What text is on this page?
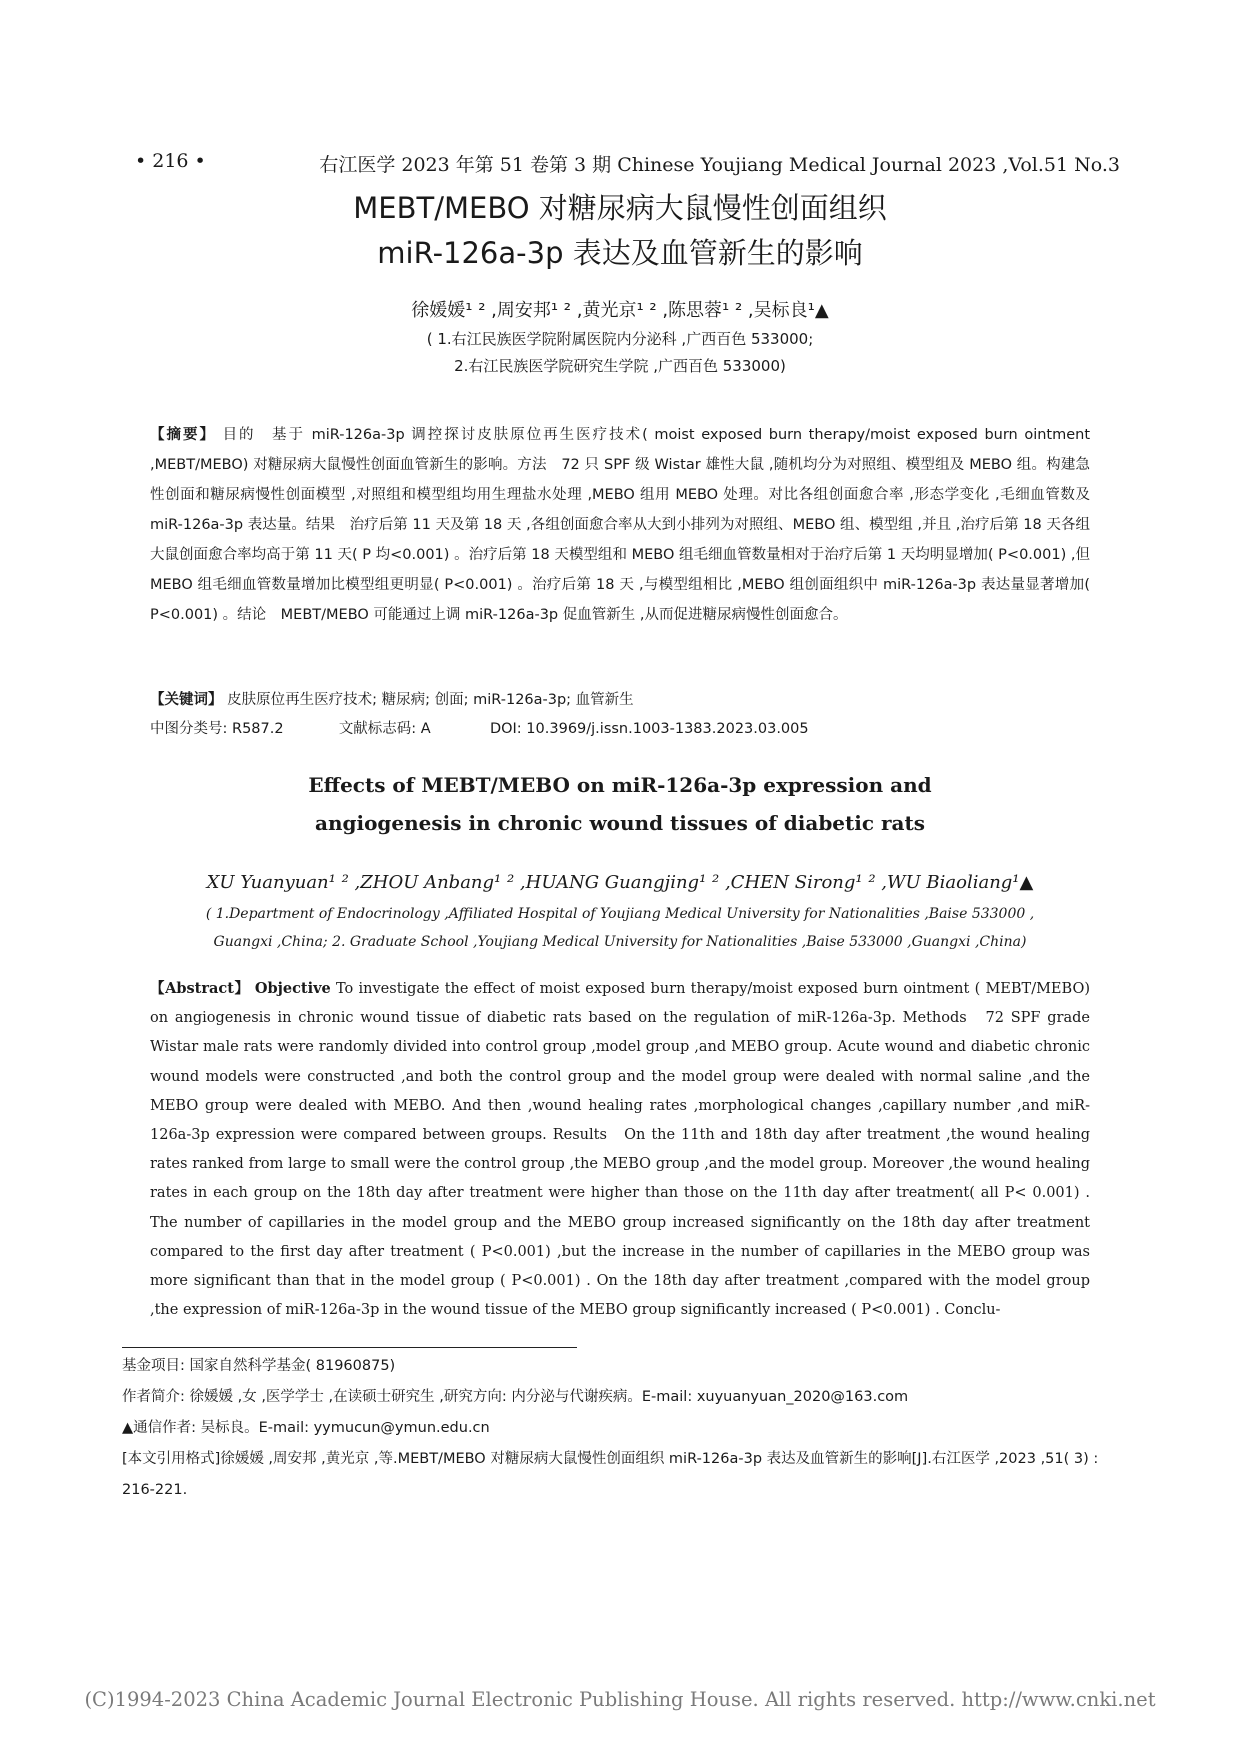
• 216 •	右江医学 2023 年第 51 卷第 3 期 Chinese Youjiang Medical Journal 2023 ,Vol.51 No.3
MEBT/MEBO 对糖尿病大鼠慢性创面组织
miR-126a-3p 表达及血管新生的影响
徐媛媛¹ ² ,周安邦¹ ² ,黄光京¹ ² ,陈思蓉¹ ² ,吴标良¹▲
( 1.右江民族医学院附属医院内分泌科 ,广西百色 533000;
2.右江民族医学院研究生学院 ,广西百色 533000)
【摘要】 目的　基于 miR-126a-3p 调控探讨皮肤原位再生医疗技术( moist exposed burn therapy/moist exposed burn ointment ,MEBT/MEBO) 对糖尿病大鼠慢性创面血管新生的影响。方法　72 只 SPF 级 Wistar 雄性大鼠 ,随机均分为对照组、模型组及 MEBO 组。构建急性创面和糖尿病慢性创面模型 ,对照组和模型组均用生理盐水处理 ,MEBO 组用 MEBO 处理。对比各组创面愈合率 ,形态学变化 ,毛细血管数及 miR-126a-3p 表达量。结果　治疗后第 11 天及第 18 天 ,各组创面愈合率从大到小排列为对照组、MEBO 组、模型组 ,并且 ,治疗后第 18 天各组大鼠创面愈合率均高于第 11 天( P 均<0.001) 。治疗后第 18 天模型组和 MEBO 组毛细血管数量相对于治疗后第 1 天均明显增加( P<0.001) ,但 MEBO 组毛细血管数量增加比模型组更明显( P<0.001) 。治疗后第 18 天 ,与模型组相比 ,MEBO 组创面组织中 miR-126a-3p 表达量显著增加( P<0.001) 。结论　MEBT/MEBO 可能通过上调 miR-126a-3p 促血管新生 ,从而促进糖尿病慢性创面愈合。
【关键词】 皮肤原位再生医疗技术; 糖尿病; 创面; miR-126a-3p; 血管新生
中图分类号: R587.2	文献标志码: A	DOI: 10.3969/j.issn.1003-1383.2023.03.005
Effects of MEBT/MEBO on miR-126a-3p expression and
angiogenesis in chronic wound tissues of diabetic rats
XU Yuanyuan¹ ² ,ZHOU Anbang¹ ² ,HUANG Guangjing¹ ² ,CHEN Sirong¹ ² ,WU Biaoliang¹▲
( 1.Department of Endocrinology ,Affiliated Hospital of Youjiang Medical University for Nationalities ,Baise 533000 ,
Guangxi ,China; 2. Graduate School ,Youjiang Medical University for Nationalities ,Baise 533000 ,Guangxi ,China)
【Abstract】 Objective To investigate the effect of moist exposed burn therapy/moist exposed burn ointment ( MEBT/MEBO) on angiogenesis in chronic wound tissue of diabetic rats based on the regulation of miR-126a-3p. Methods　72 SPF grade Wistar male rats were randomly divided into control group ,model group ,and MEBO group. Acute wound and diabetic chronic wound models were constructed ,and both the control group and the model group were dealed with normal saline ,and the MEBO group were dealed with MEBO. And then ,wound healing rates ,morphological changes ,capillary number ,and miR-126a-3p expression were compared between groups. Results　On the 11th and 18th day after treatment ,the wound healing rates ranked from large to small were the control group ,the MEBO group ,and the model group. Moreover ,the wound healing rates in each group on the 18th day after treatment were higher than those on the 11th day after treatment( all P< 0.001) . The number of capillaries in the model group and the MEBO group increased significantly on the 18th day after treatment compared to the first day after treatment ( P<0.001) ,but the increase in the number of capillaries in the MEBO group was more significant than that in the model group ( P<0.001) . On the 18th day after treatment ,compared with the model group ,the expression of miR-126a-3p in the wound tissue of the MEBO group significantly increased ( P<0.001) . Conclu-
基金项目: 国家自然科学基金( 81960875)
作者简介: 徐媛媛 ,女 ,医学学士 ,在读硕士研究生 ,研究方向: 内分泌与代谢疾病。E-mail: xuyuanyuan_2020@163.com
▲通信作者: 吴标良。E-mail: yymucun@ymun.edu.cn
[本文引用格式]徐媛媛 ,周安邦 ,黄光京 ,等.MEBT/MEBO 对糖尿病大鼠慢性创面组织 miR-126a-3p 表达及血管新生的影响[J].右江医学 ,2023 ,51( 3) : 216-221.
(C)1994-2023 China Academic Journal Electronic Publishing House. All rights reserved. http://www.cnki.net
